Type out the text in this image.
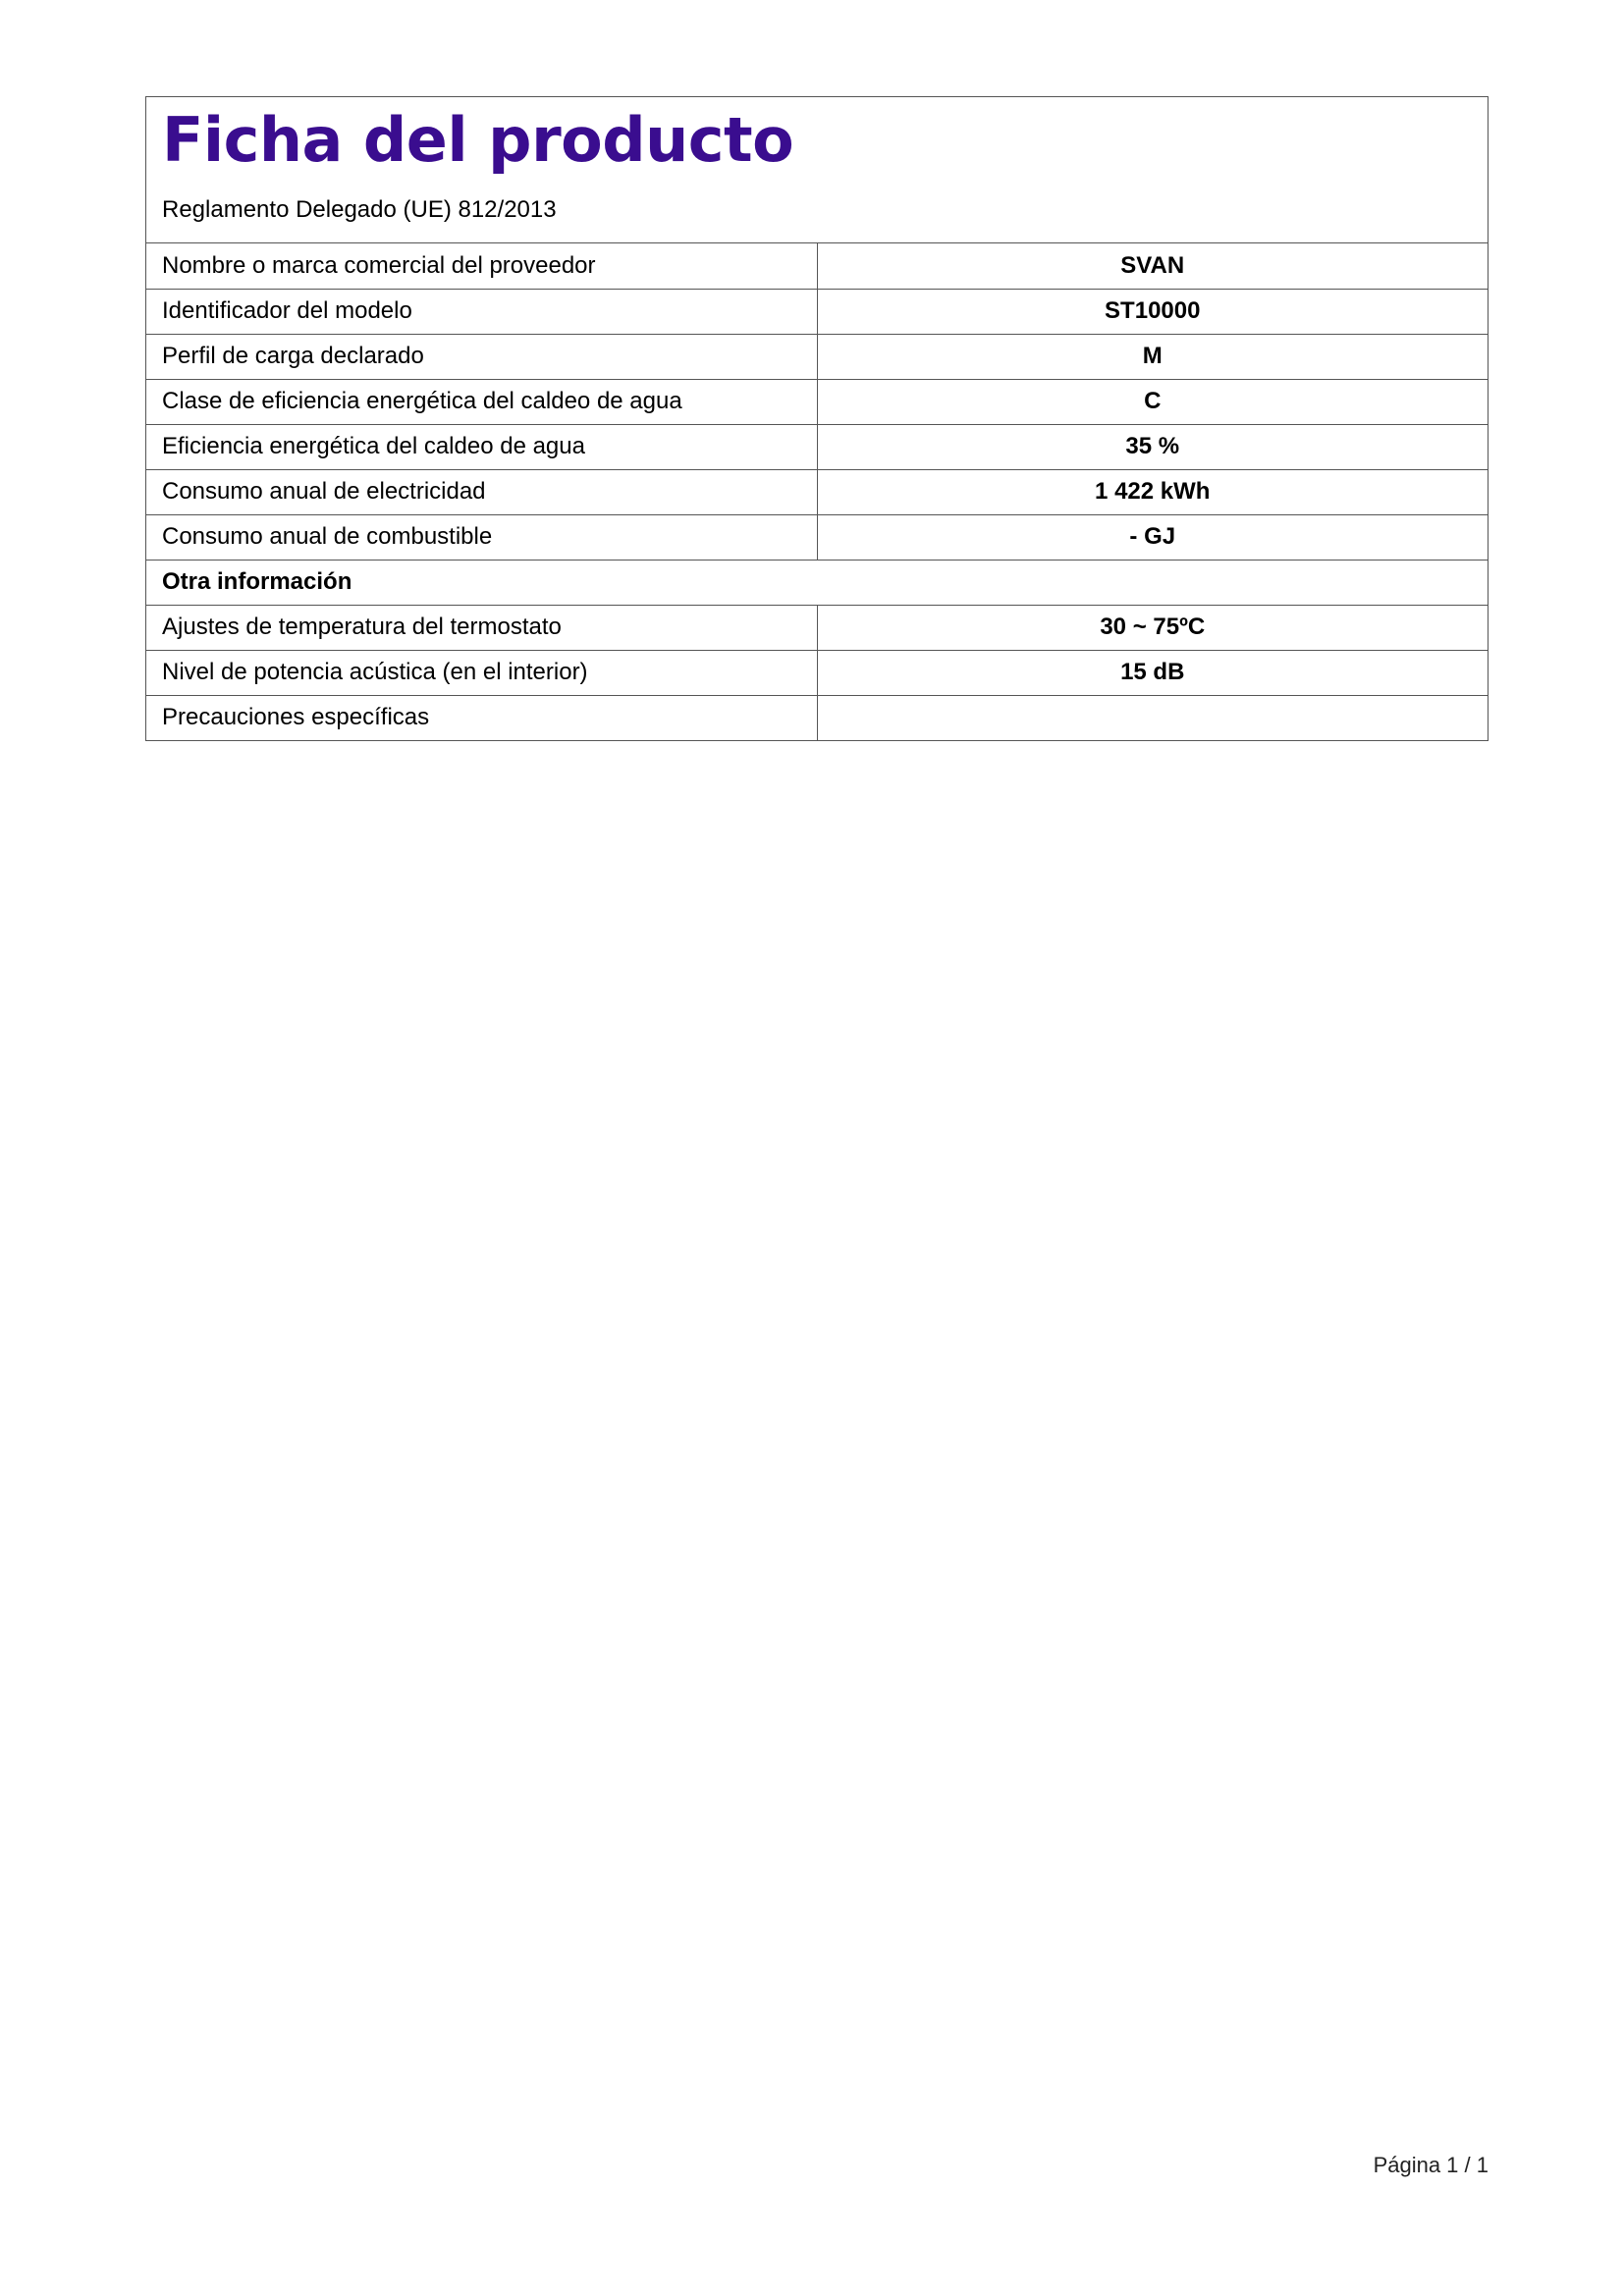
Ficha del producto
Reglamento Delegado (UE) 812/2013
Nombre o marca comercial del proveedor	SVAN
Identificador del modelo	ST10000
Perfil de carga declarado	M
Clase de eficiencia energética del caldeo de agua	C
Eficiencia energética del caldeo de agua	35 %
Consumo anual de electricidad	1 422 kWh
Consumo anual de combustible	- GJ
Otra información	
Ajustes de temperatura del termostato	30 ~ 75ºC
Nivel de potencia acústica (en el interior)	15 dB
Precauciones específicas	
Página 1 / 1
